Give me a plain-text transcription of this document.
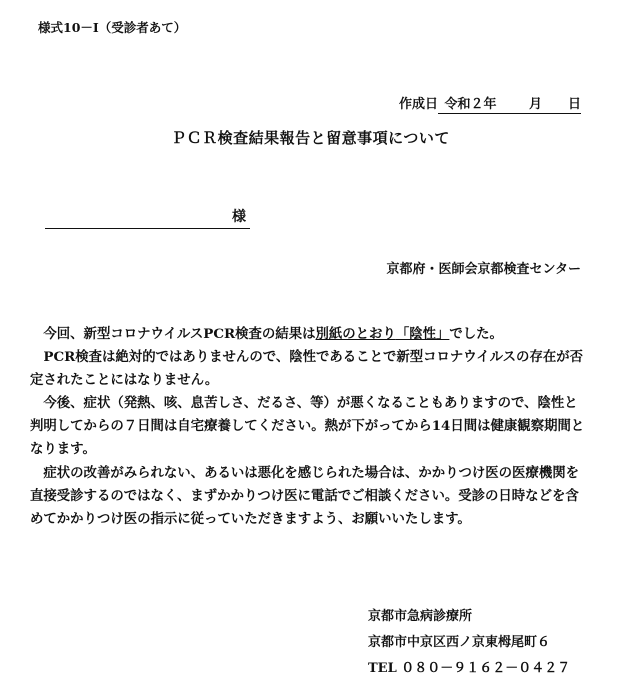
様式10－Ⅰ（受診者あて）
作成日  令和２年   	月   日
ＰＣＲ検査結果報告と留意事項について
様
京都府・医師会京都検査センター

　今回、新型コロナウイルスPCR検査の結果は別紙のとおり「陰性」でした。

　PCR検査は絶対的ではありませんので、陰性であることで新型コロナウイルスの存在が否定されたことにはなりません。

　今後、症状（発熱、咳、息苦しさ、だるさ、等）が悪くなることもありますので、陰性と判明してからの７日間は自宅療養してください。熱が下がってから14日間は健康観察期間となります。

　症状の改善がみられない、あるいは悪化を感じられた場合は、かかりつけ医の医療機関を直接受診するのではなく、まずかかりつけ医に電話でご相談ください。受診の日時などを含めてかかりつけ医の指示に従っていただきますよう、お願いいたします。

京都市急病診療所
京都市中京区西ノ京東栂尾町６
TEL ０８０－９１６２－０４２７
